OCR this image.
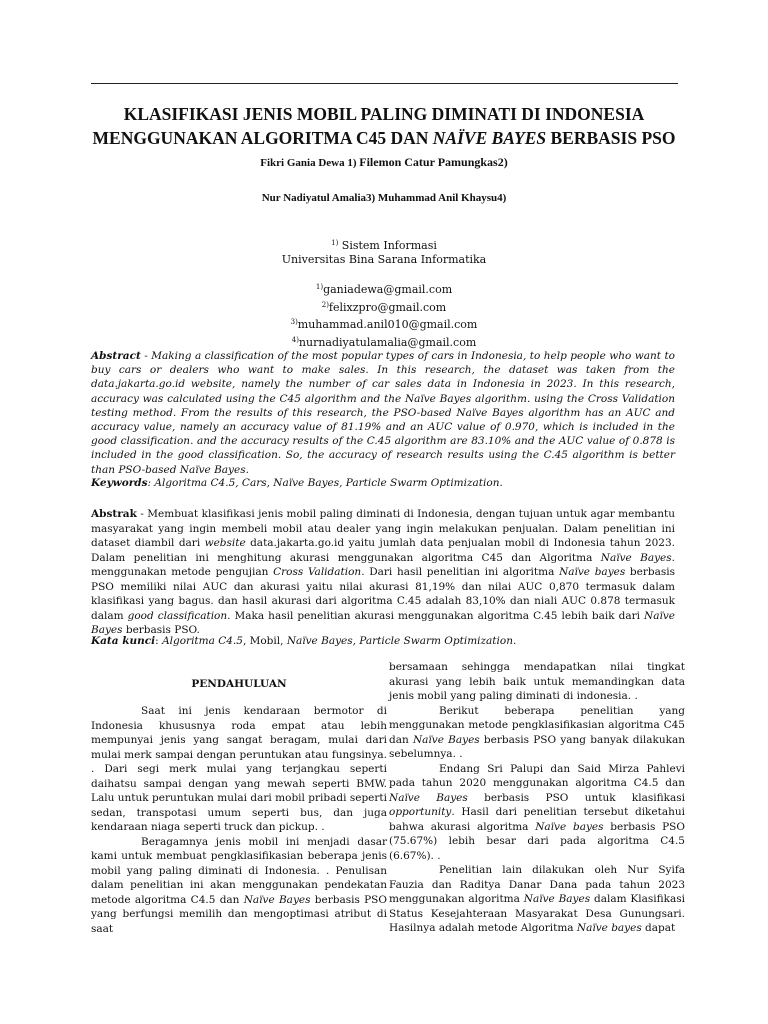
KLASIFIKASI JENIS MOBIL PALING DIMINATI DI INDONESIA
MENGGUNAKAN ALGORITMA C45 DAN NAÏVE BAYES BERBASIS PSO
Fikri Gania Dewa 1) Filemon Catur Pamungkas2)
Nur Nadiyatul Amalia3) Muhammad Anil Khaysu4)
$^{1)}$ Sistem Informasi
Universitas Bina Sarana Informatika
$^{1)}$ganiadewa@gmail.com
$^{2)}$felixzpro@gmail.com
$^{3)}$muhammad.anil010@gmail.com
$^{4)}$nurnadiyatulamalia@gmail.com
Abstract - Making a classification of the most popular types of cars in Indonesia, to help people who want to buy cars or dealers who want to make sales. In this research, the dataset was taken from the data.jakarta.go.id website, namely the number of car sales data in Indonesia in 2023. In this research, accuracy was calculated using the C45 algorithm and the Naïve Bayes algorithm. using the Cross Validation testing method. From the results of this research, the PSO-based Naïve Bayes algorithm has an AUC and accuracy value, namely an accuracy value of 81.19% and an AUC value of 0.970, which is included in the good classification. and the accuracy results of the C.45 algorithm are 83.10% and the AUC value of 0.878 is included in the good classification. So, the accuracy of research results using the C.45 algorithm is better than PSO-based Naïve Bayes.
Keywords: Algoritma C4.5, Cars, Naïve Bayes, Particle Swarm Optimization.
Abstrak - Membuat klasifikasi jenis mobil paling diminati di Indonesia, dengan tujuan untuk agar membantu masyarakat yang ingin membeli mobil atau dealer yang ingin melakukan penjualan. Dalam penelitian ini dataset diambil dari website data.jakarta.go.id yaitu jumlah data penjualan mobil di Indonesia tahun 2023. Dalam penelitian ini menghitung akurasi menggunakan algoritma C45 dan Algoritma Naïve Bayes. menggunakan metode pengujian Cross Validation. Dari hasil penelitian ini algoritma Naïve bayes berbasis PSO memiliki nilai AUC dan akurasi yaitu nilai akurasi 81,19% dan nilai AUC 0,870 termasuk dalam klasifikasi yang bagus. dan hasil akurasi dari algoritma C.45 adalah 83,10% dan niali AUC 0.878 termasuk dalam good classification. Maka hasil penelitian akurasi menggunakan algoritma C.45 lebih baik dari Naïve Bayes berbasis PSO.
Kata kunci: Algoritma C4.5, Mobil, Naïve Bayes, Particle Swarm Optimization.
PENDAHULUAN

Saat ini jenis kendaraan bermotor di Indonesia khususnya roda empat atau lebih mempunyai jenis yang sangat beragam, mulai dari mulai merk sampai dengan peruntukan atau fungsinya. . Dari segi merk mulai yang terjangkau seperti daihatsu sampai dengan yang mewah seperti BMW. Lalu untuk peruntukan mulai dari mobil pribadi seperti sedan, transpotasi umum seperti bus, dan juga kendaraan niaga seperti truck dan pickup. .

Beragamnya jenis mobil ini menjadi dasar kami untuk membuat pengklasifikasian beberapa jenis mobil yang paling diminati di Indonesia. . Penulisan dalam penelitian ini akan menggunakan pendekatan metode algoritma C4.5 dan Naïve Bayes berbasis PSO yang berfungsi memilih dan mengoptimasi atribut di saat

bersamaan sehingga mendapatkan nilai tingkat akurasi yang lebih baik untuk memandingkan data jenis mobil yang paling diminati di indonesia. .

Berikut beberapa penelitian yang menggunakan metode pengklasifikasian algoritma C45 dan Naïve Bayes berbasis PSO yang banyak dilakukan sebelumnya. .

Endang Sri Palupi dan Said Mirza Pahlevi pada tahun 2020 menggunakan algoritma C4.5 dan Naïve Bayes berbasis PSO untuk klasifikasi opportunity. Hasil dari penelitian tersebut diketahui bahwa akurasi algoritma Naïve bayes berbasis PSO (75.67%) lebih besar dari pada algoritma C4.5 (6.67%). .

Penelitian lain dilakukan oleh Nur Syifa Fauzia dan Raditya Danar Dana pada tahun 2023 menggunakan algoritma Naïve Bayes dalam Klasifikasi Status Kesejahteraan Masyarakat Desa Gunungsari. Hasilnya adalah metode Algoritma Naïve bayes dapat
